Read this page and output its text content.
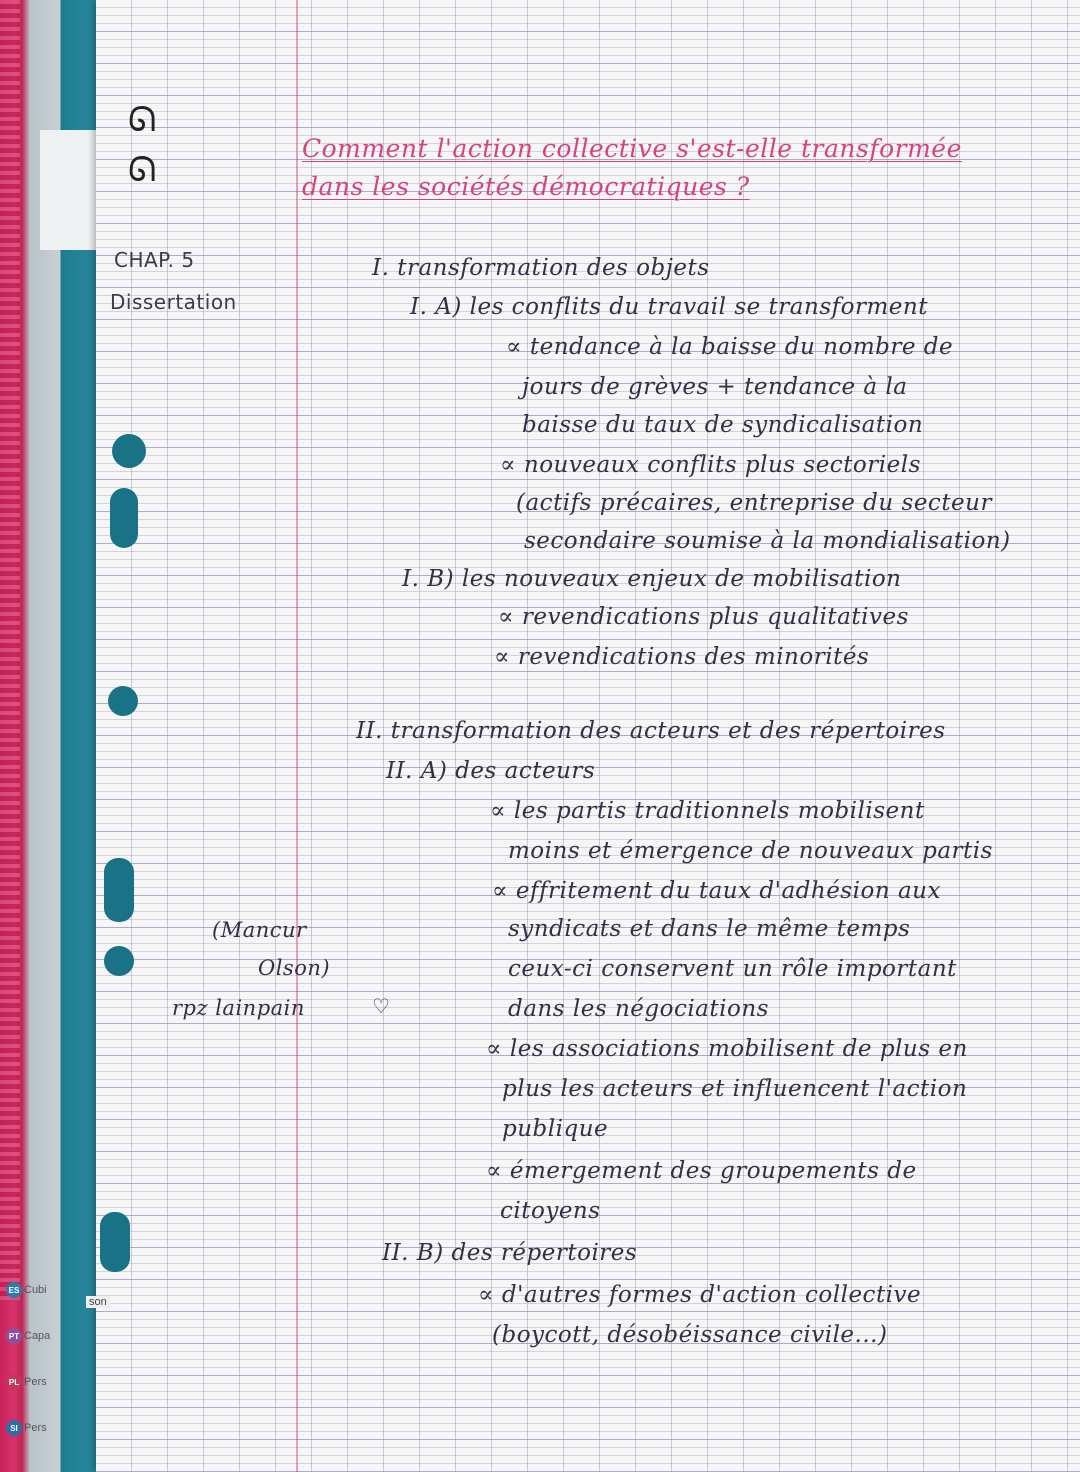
ES Cubi
PT Capa
PL Pers
SI Pers
son
ᘏ
ᘏ
CHAP. 5
Dissertation
(Mancur
Olson)
rpz lainpain	♡
Comment l'action collective s'est-elle transformée
dans les sociétés démocratiques ?
I. transformation des objets
I. A) les conflits du travail se transforment
∝ tendance à la baisse du nombre de
jours de grèves + tendance à la
baisse du taux de syndicalisation
∝ nouveaux conflits plus sectoriels
(actifs précaires, entreprise du secteur
secondaire soumise à la mondialisation)
I. B) les nouveaux enjeux de mobilisation
∝ revendications plus qualitatives
∝ revendications des minorités
II. transformation des acteurs et des répertoires
II. A) des acteurs
∝ les partis traditionnels mobilisent
moins et émergence de nouveaux partis
∝ effritement du taux d'adhésion aux
syndicats et dans le même temps
ceux-ci conservent un rôle important
dans les négociations
∝ les associations mobilisent de plus en
plus les acteurs et influencent l'action
publique
∝ émergement des groupements de
citoyens
II. B) des répertoires
∝ d'autres formes d'action collective
(boycott, désobéissance civile...)
